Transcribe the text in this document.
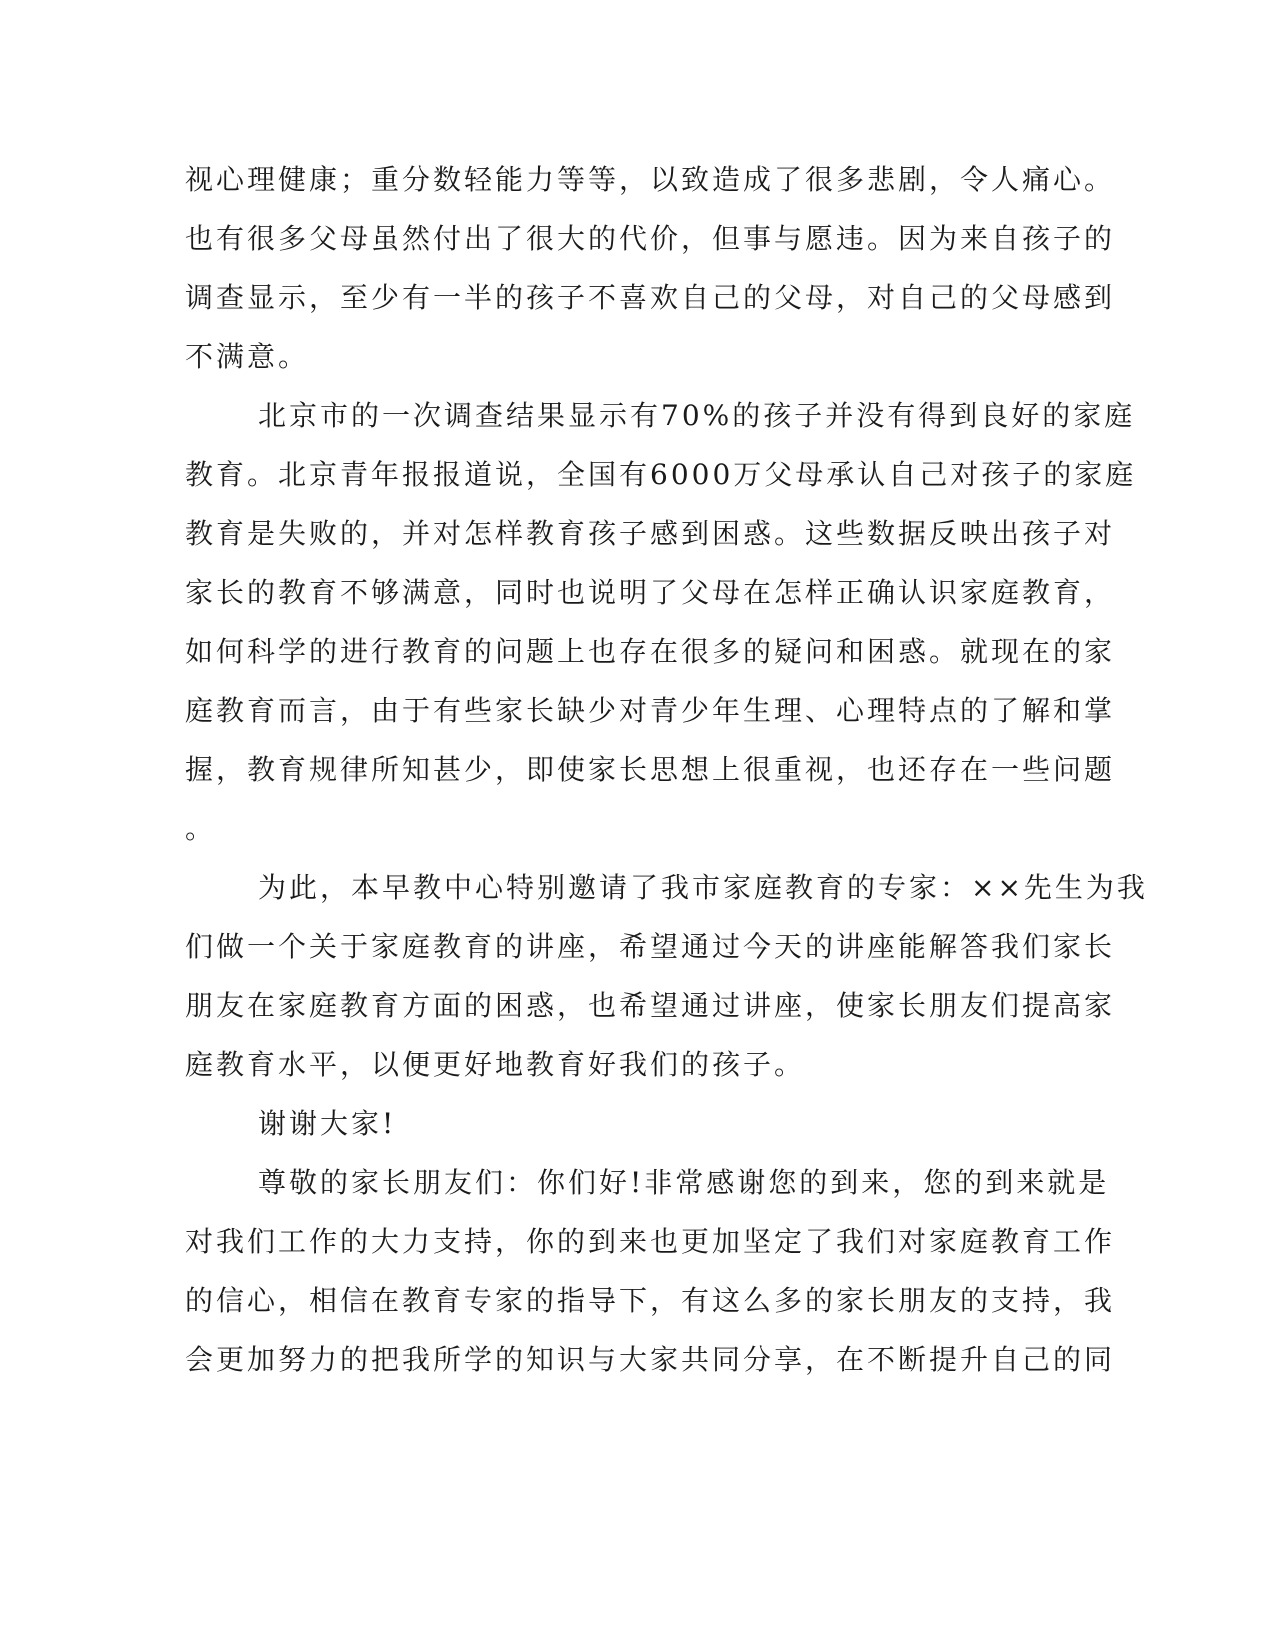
视心理健康；重分数轻能力等等，以致造成了很多悲剧，令人痛心。

也有很多父母虽然付出了很大的代价，但事与愿违。因为来自孩子的

调查显示，至少有一半的孩子不喜欢自己的父母，对自己的父母感到

不满意。

北京市的一次调查结果显示有70%的孩子并没有得到良好的家庭

教育。北京青年报报道说，全国有6000万父母承认自己对孩子的家庭

教育是失败的，并对怎样教育孩子感到困惑。这些数据反映出孩子对

家长的教育不够满意，同时也说明了父母在怎样正确认识家庭教育，

如何科学的进行教育的问题上也存在很多的疑问和困惑。就现在的家

庭教育而言，由于有些家长缺少对青少年生理、心理特点的了解和掌

握，教育规律所知甚少，即使家长思想上很重视，也还存在一些问题

。

为此，本早教中心特别邀请了我市家庭教育的专家：××先生为我

们做一个关于家庭教育的讲座，希望通过今天的讲座能解答我们家长

朋友在家庭教育方面的困惑，也希望通过讲座，使家长朋友们提高家

庭教育水平，以便更好地教育好我们的孩子。

谢谢大家!

尊敬的家长朋友们：你们好!非常感谢您的到来，您的到来就是

对我们工作的大力支持，你的到来也更加坚定了我们对家庭教育工作

的信心，相信在教育专家的指导下，有这么多的家长朋友的支持，我

会更加努力的把我所学的知识与大家共同分享，在不断提升自己的同
